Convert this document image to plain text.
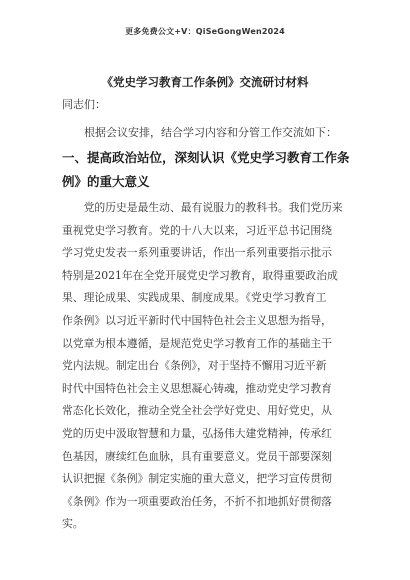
更多免费公文+V：QiSeGongWen2024
《党史学习教育工作条例》交流研讨材料
同志们：
根据会议安排，结合学习内容和分管工作交流如下：
一、提高政治站位，深刻认识《党史学习教育工作条
例》的重大意义
　　党的历史是最生动、最有说服力的教科书。我们党历来
重视党史学习教育。党的十八大以来，习近平总书记围绕
学习党史发表一系列重要讲话，作出一系列重要指示批示
特别是2021年在全党开展党史学习教育，取得重要政治成
果、理论成果、实践成果、制度成果。《党史学习教育工
作条例》以习近平新时代中国特色社会主义思想为指导，
以党章为根本遵循，是规范党史学习教育工作的基础主干
党内法规。制定出台《条例》，对于坚持不懈用习近平新
时代中国特色社会主义思想凝心铸魂，推动党史学习教育
常态化长效化，推动全党全社会学好党史、用好党史，从
党的历史中汲取智慧和力量，弘扬伟大建党精神，传承红
色基因，赓续红色血脉，具有重要意义。党员干部要深刻
认识把握《条例》制定实施的重大意义，把学习宣传贯彻
《条例》作为一项重要政治任务，不折不扣地抓好贯彻落
实。
